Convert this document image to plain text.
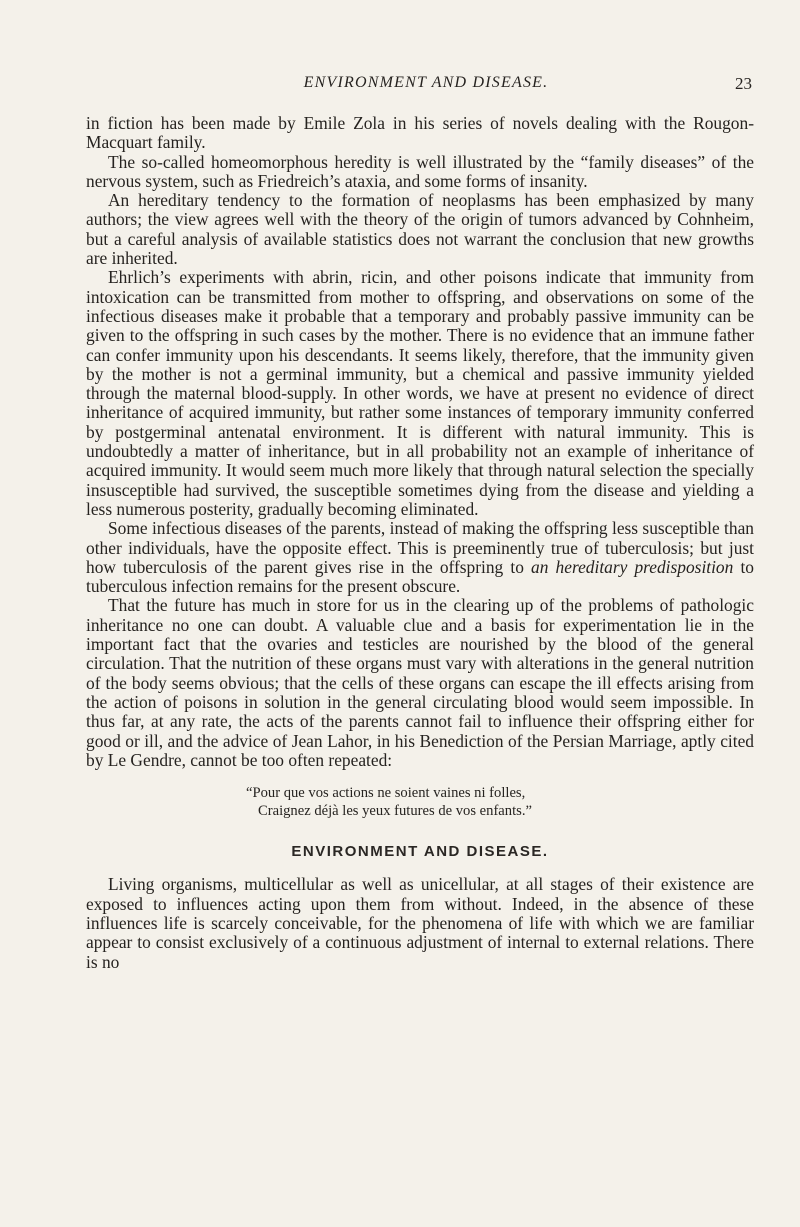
ENVIRONMENT AND DISEASE.	23

in fiction has been made by Emile Zola in his series of novels dealing with the Rougon-Macquart family.

The so-called homeomorphous heredity is well illustrated by the “family diseases” of the nervous system, such as Friedreich’s ataxia, and some forms of insanity.

An hereditary tendency to the formation of neoplasms has been emphasized by many authors; the view agrees well with the theory of the origin of tumors advanced by Cohnheim, but a careful analysis of available statistics does not warrant the conclusion that new growths are inherited.

Ehrlich’s experiments with abrin, ricin, and other poisons indicate that immunity from intoxication can be transmitted from mother to offspring, and observations on some of the infectious diseases make it probable that a temporary and probably passive immunity can be given to the offspring in such cases by the mother. There is no evidence that an immune father can confer immunity upon his descendants. It seems likely, therefore, that the immunity given by the mother is not a germinal immunity, but a chemical and passive immunity yielded through the maternal blood-supply. In other words, we have at present no evidence of direct inheritance of acquired immunity, but rather some instances of temporary immunity conferred by postgerminal antenatal environment. It is different with natural immunity. This is undoubtedly a matter of inheritance, but in all probability not an example of inheritance of acquired immunity. It would seem much more likely that through natural selection the specially insusceptible had survived, the susceptible sometimes dying from the disease and yielding a less numerous posterity, gradually becoming eliminated.

Some infectious diseases of the parents, instead of making the offspring less susceptible than other individuals, have the opposite effect. This is preeminently true of tuberculosis; but just how tuberculosis of the parent gives rise in the offspring to an hereditary predisposition to tuberculous infection remains for the present obscure.

That the future has much in store for us in the clearing up of the problems of pathologic inheritance no one can doubt. A valuable clue and a basis for experimentation lie in the important fact that the ovaries and testicles are nourished by the blood of the general circulation. That the nutrition of these organs must vary with alterations in the general nutrition of the body seems obvious; that the cells of these organs can escape the ill effects arising from the action of poisons in solution in the general circulating blood would seem impossible. In thus far, at any rate, the acts of the parents cannot fail to influence their offspring either for good or ill, and the advice of Jean Lahor, in his Benediction of the Persian Marriage, aptly cited by Le Gendre, cannot be too often repeated:

“Pour que vos actions ne soient vaines ni folles,
Craignez déjà les yeux futures de vos enfants.”
ENVIRONMENT AND DISEASE.

Living organisms, multicellular as well as unicellular, at all stages of their existence are exposed to influences acting upon them from without. Indeed, in the absence of these influences life is scarcely conceivable, for the phenomena of life with which we are familiar appear to consist exclusively of a continuous adjustment of internal to external relations. There is no
